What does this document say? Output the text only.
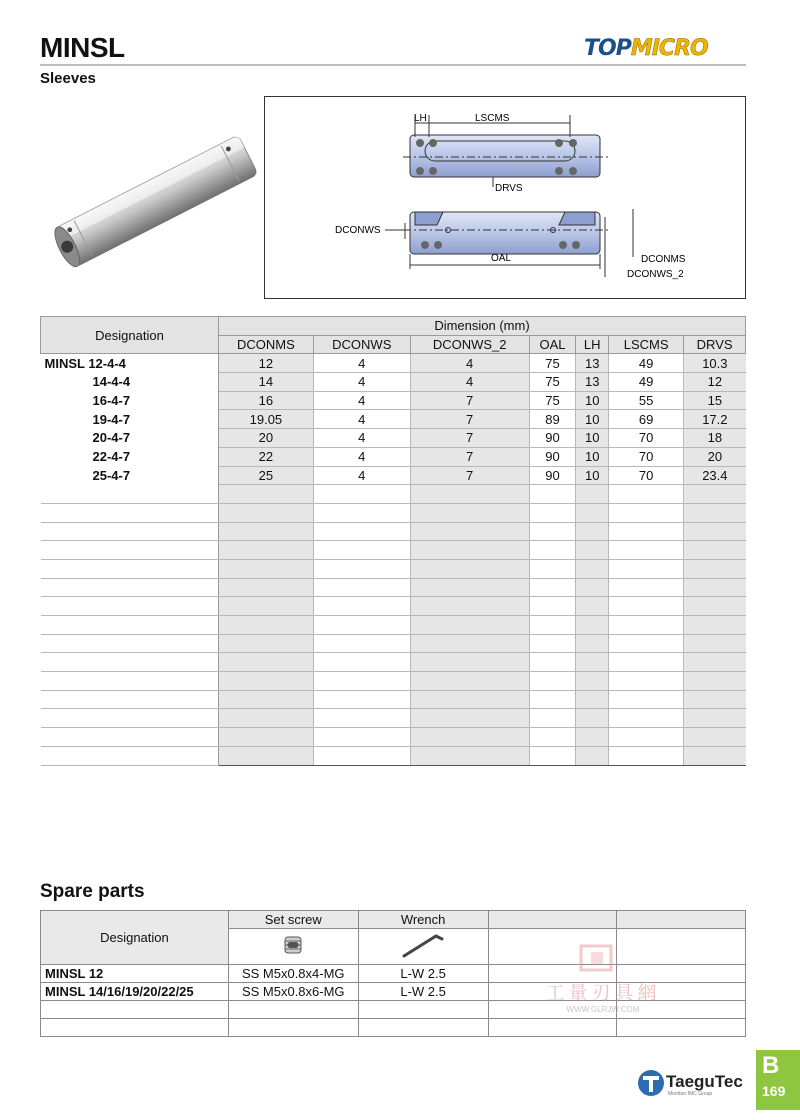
MINSL	TOPMICRO
Sleeves
LH	LSCMS
DRVS
DCONWS
OAL	DCONMS
DCONWS_2
Designation	Dimension (mm)						
	DCONMS	DCONWS	DCONWS_2	OAL	LH	LSCMS	DRVS
MINSL 12-4-4	12	4	4	75	13	49	10.3
14-4-4	14	4	4	75	13	49	12
16-4-7	16	4	7	75	10	55	15
19-4-7	19.05	4	7	89	10	69	17.2
20-4-7	20	4	7	90	10	70	18
22-4-7	22	4	7	90	10	70	20
25-4-7	25	4	7	90	10	70	23.4

Spare parts
Designation	Set screw	Wrench		

MINSL 12	SS M5x0.8x4-MG	L-W 2.5		
MINSL 14/16/19/20/22/25	SS M5x0.8x6-MG	L-W 2.5		

					工量刃具網
WWW.GLRJW.COM
TaeguTec
Member IMC Group
B
169
